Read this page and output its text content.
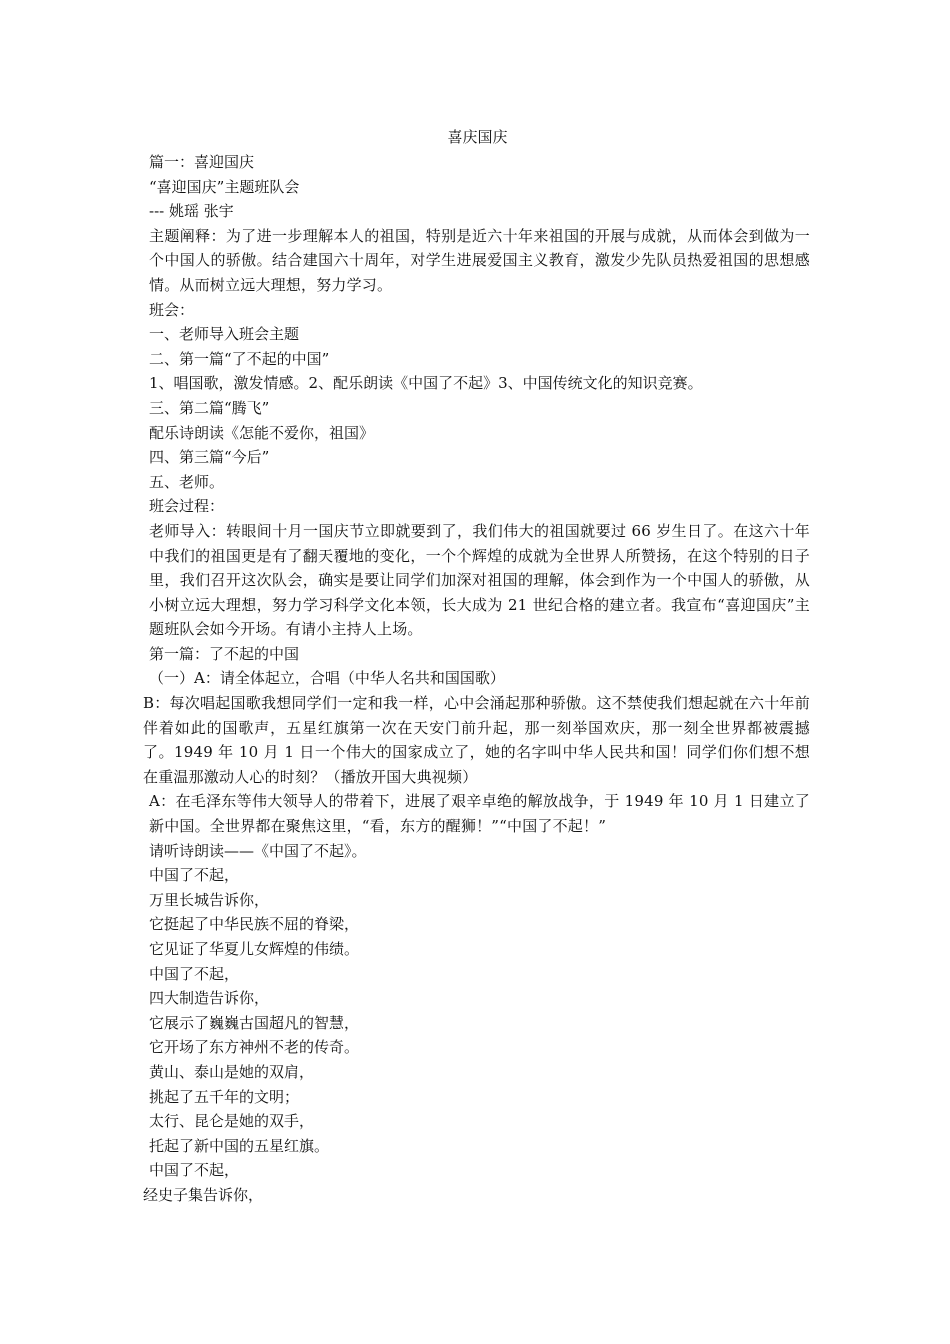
喜庆国庆

篇一：喜迎国庆

“喜迎国庆”主题班队会

--- 姚瑶 张宇

主题阐释：为了进一步理解本人的祖国，特别是近六十年来祖国的开展与成就，从而体会到做为一个中国人的骄傲。结合建国六十周年，对学生进展爱国主义教育，激发少先队员热爱祖国的思想感情。从而树立远大理想，努力学习。

班会：

一、老师导入班会主题

二、第一篇“了不起的中国”

1、唱国歌，激发情感。2、配乐朗读《中国了不起》3、中国传统文化的知识竞赛。

三、第二篇“腾飞”

配乐诗朗读《怎能不爱你，祖国》

四、第三篇“今后”

五、老师。

班会过程：

老师导入：转眼间十月一国庆节立即就要到了，我们伟大的祖国就要过 66 岁生日了。在这六十年中我们的祖国更是有了翻天覆地的变化，一个个辉煌的成就为全世界人所赞扬，在这个特别的日子里，我们召开这次队会，确实是要让同学们加深对祖国的理解，体会到作为一个中国人的骄傲，从小树立远大理想，努力学习科学文化本领，长大成为 21 世纪合格的建立者。我宣布“喜迎国庆”主题班队会如今开场。有请小主持人上场。

第一篇：了不起的中国

（一）A：请全体起立，合唱（中华人名共和国国歌）

B：每次唱起国歌我想同学们一定和我一样，心中会涌起那种骄傲。这不禁使我们想起就在六十年前伴着如此的国歌声，五星红旗第一次在天安门前升起，那一刻举国欢庆，那一刻全世界都被震撼了。1949 年 10 月 1 日一个伟大的国家成立了，她的名字叫中华人民共和国！同学们你们想不想在重温那激动人心的时刻？（播放开国大典视频）

A：在毛泽东等伟大领导人的带着下，进展了艰辛卓绝的解放战争，于 1949 年 10 月 1 日建立了新中国。全世界都在聚焦这里，“看，东方的醒狮！”“中国了不起！”

请听诗朗读——《中国了不起》。

中国了不起，

万里长城告诉你，

它挺起了中华民族不屈的脊梁，

它见证了华夏儿女辉煌的伟绩。

中国了不起，

四大制造告诉你，

它展示了巍巍古国超凡的智慧，

它开场了东方神州不老的传奇。

黄山、泰山是她的双肩，

挑起了五千年的文明；

太行、昆仑是她的双手，

托起了新中国的五星红旗。

中国了不起，

经史子集告诉你，
